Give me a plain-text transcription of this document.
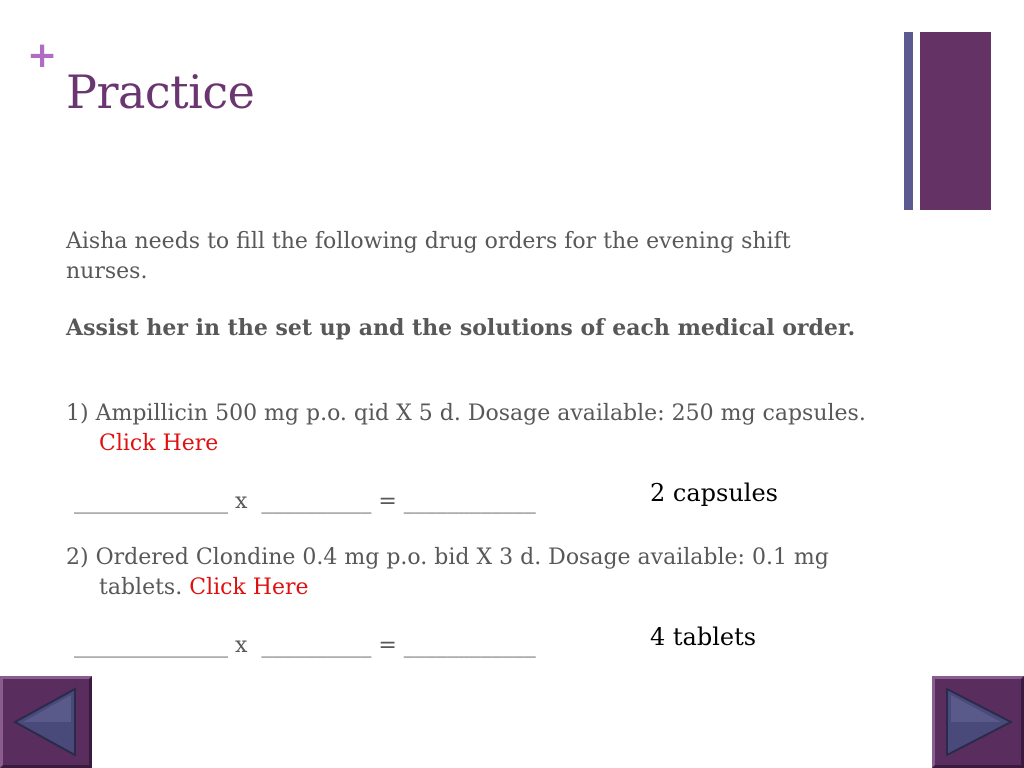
+
Practice
Aisha needs to fill the following drug orders for the evening shift nurses.
Assist her in the set up and the solutions of each medical order.
1) Ampillicin 500 mg p.o. qid X 5 d. Dosage available: 250 mg capsules.  Click Here
______________ x  __________ = ____________	2 capsules
2) Ordered Clondine 0.4 mg p.o. bid X 3 d. Dosage available: 0.1 mg tablets. Click Here
______________ x  __________ = ____________	4 tablets
